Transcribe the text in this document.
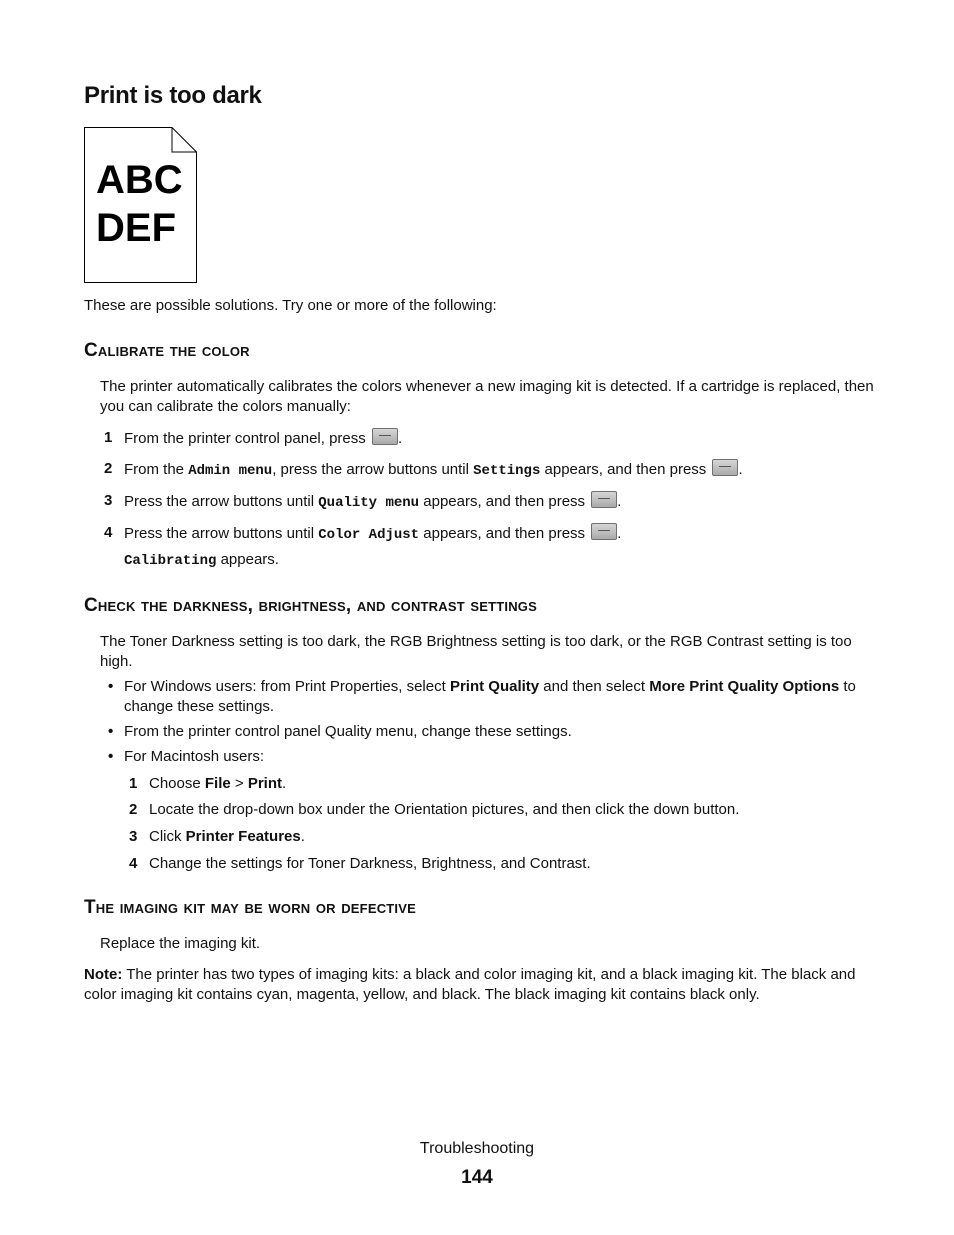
Print is too dark
ABC
DEF

These are possible solutions. Try one or more of the following:

Calibrate the color

The printer automatically calibrates the colors whenever a new imaging kit is detected. If a cartridge is replaced, then you can calibrate the colors manually:

1 From the printer control panel, press .
2 From the Admin menu, press the arrow buttons until Settings appears, and then press .
3 Press the arrow buttons until Quality menu appears, and then press .
4 Press the arrow buttons until Color Adjust appears, and then press .
Calibrating appears.
Check the darkness, brightness, and contrast settings

The Toner Darkness setting is too dark, the RGB Brightness setting is too dark, or the RGB Contrast setting is too high.

• For Windows users: from Print Properties, select Print Quality and then select More Print Quality Options to change these settings.
• From the printer control panel Quality menu, change these settings.
• For Macintosh users:
1 Choose File > Print.
2 Locate the drop-down box under the Orientation pictures, and then click the down button.
3 Click Printer Features.
4 Change the settings for Toner Darkness, Brightness, and Contrast.
The imaging kit may be worn or defective

Replace the imaging kit.

Note: The printer has two types of imaging kits: a black and color imaging kit, and a black imaging kit. The black and color imaging kit contains cyan, magenta, yellow, and black. The black imaging kit contains black only.

Troubleshooting
144
